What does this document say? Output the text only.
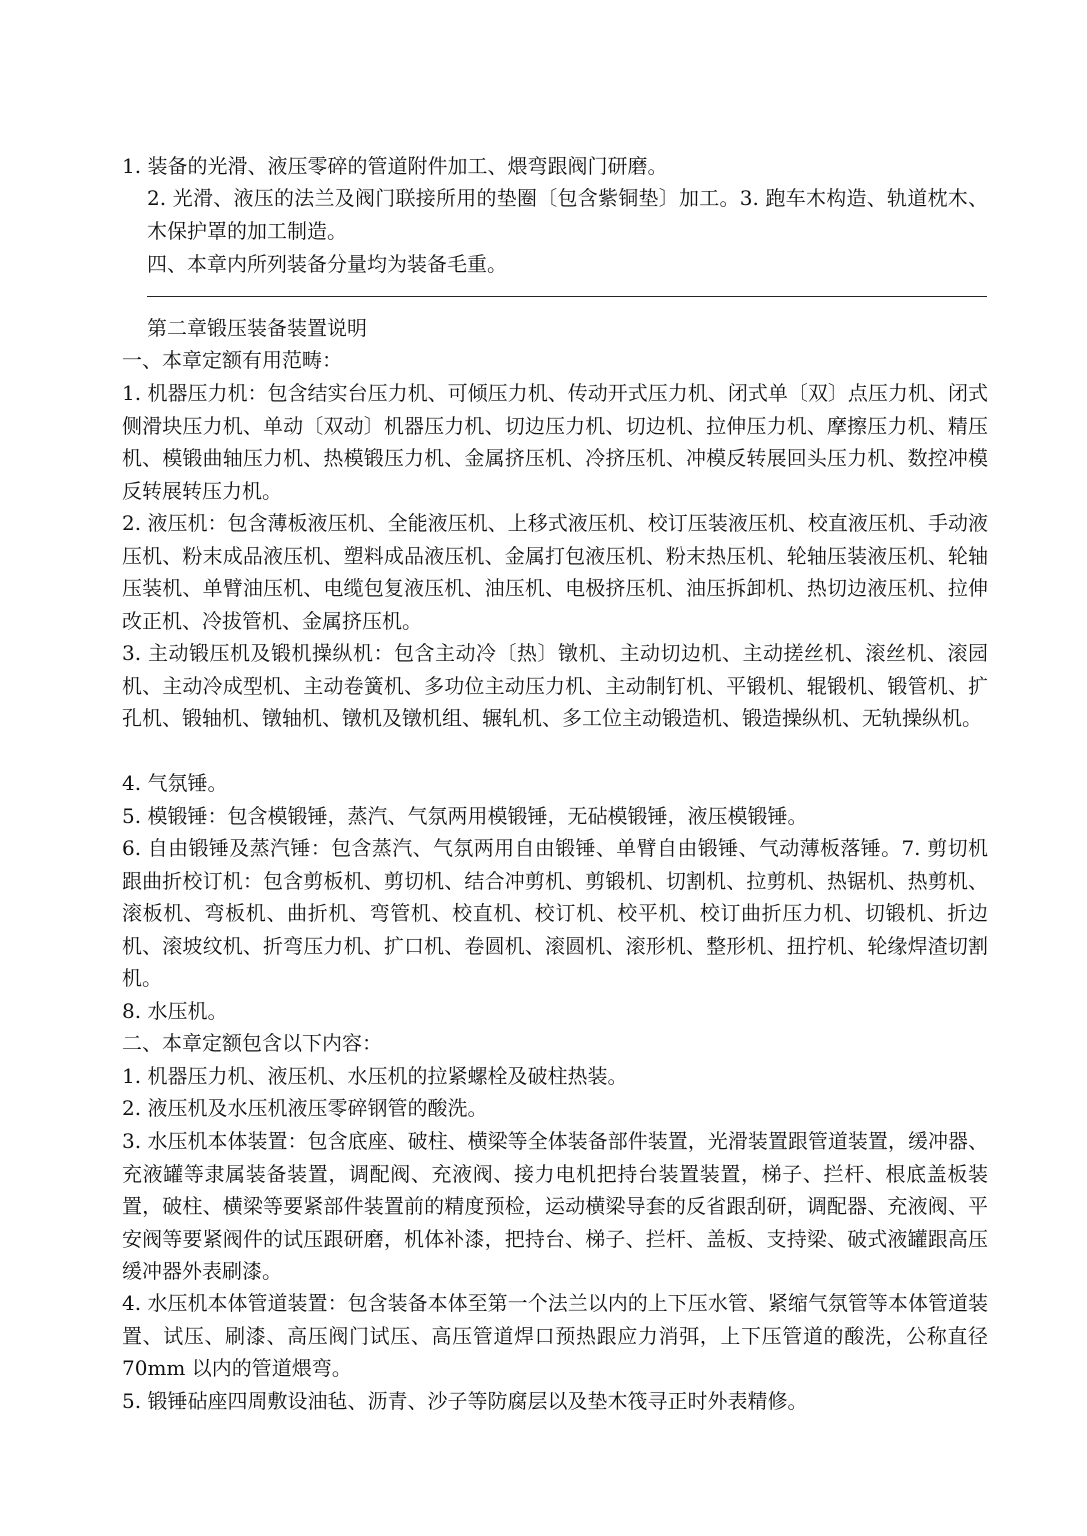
1. 装备的光滑、液压零碎的管道附件加工、煨弯跟阀门研磨。

2. 光滑、液压的法兰及阀门联接所用的垫圈〔包含紫铜垫〕加工。3. 跑车木构造、轨道枕木、木保护罩的加工制造。

四、本章内所列装备分量均为装备毛重。

第二章锻压装备装置说明

一、本章定额有用范畴：

1. 机器压力机：包含结实台压力机、可倾压力机、传动开式压力机、闭式单〔双〕点压力机、闭式侧滑块压力机、单动〔双动〕机器压力机、切边压力机、切边机、拉伸压力机、摩擦压力机、精压机、模锻曲轴压力机、热模锻压力机、金属挤压机、冷挤压机、冲模反转展回头压力机、数控冲模反转展转压力机。

2. 液压机：包含薄板液压机、全能液压机、上移式液压机、校订压装液压机、校直液压机、手动液压机、粉末成品液压机、塑料成品液压机、金属打包液压机、粉末热压机、轮轴压装液压机、轮轴压装机、单臂油压机、电缆包复液压机、油压机、电极挤压机、油压拆卸机、热切边液压机、拉伸改正机、冷拔管机、金属挤压机。

3. 主动锻压机及锻机操纵机：包含主动冷〔热〕镦机、主动切边机、主动搓丝机、滚丝机、滚园机、主动冷成型机、主动卷簧机、多功位主动压力机、主动制钉机、平锻机、辊锻机、锻管机、扩孔机、锻轴机、镦轴机、镦机及镦机组、辗轧机、多工位主动锻造机、锻造操纵机、无轨操纵机。

4. 气氛锤。

5. 模锻锤：包含模锻锤，蒸汽、气氛两用模锻锤，无砧模锻锤，液压模锻锤。

6. 自由锻锤及蒸汽锤：包含蒸汽、气氛两用自由锻锤、单臂自由锻锤、气动薄板落锤。7. 剪切机跟曲折校订机：包含剪板机、剪切机、结合冲剪机、剪锻机、切割机、拉剪机、热锯机、热剪机、滚板机、弯板机、曲折机、弯管机、校直机、校订机、校平机、校订曲折压力机、切锻机、折边机、滚坡纹机、折弯压力机、扩口机、卷圆机、滚圆机、滚形机、整形机、扭拧机、轮缘焊渣切割机。

8. 水压机。

二、本章定额包含以下内容：

1. 机器压力机、液压机、水压机的拉紧螺栓及破柱热装。

2. 液压机及水压机液压零碎钢管的酸洗。

3. 水压机本体装置：包含底座、破柱、横梁等全体装备部件装置，光滑装置跟管道装置，缓冲器、充液罐等隶属装备装置，调配阀、充液阀、接力电机把持台装置装置，梯子、拦杆、根底盖板装置，破柱、横梁等要紧部件装置前的精度预检，运动横梁导套的反省跟刮研，调配器、充液阀、平安阀等要紧阀件的试压跟研磨，机体补漆，把持台、梯子、拦杆、盖板、支持梁、破式液罐跟高压缓冲器外表刷漆。

4. 水压机本体管道装置：包含装备本体至第一个法兰以内的上下压水管、紧缩气氛管等本体管道装置、试压、刷漆、高压阀门试压、高压管道焊口预热跟应力消弭，上下压管道的酸洗，公称直径 70mm 以内的管道煨弯。

5. 锻锤砧座四周敷设油毡、沥青、沙子等防腐层以及垫木筏寻正时外表精修。
